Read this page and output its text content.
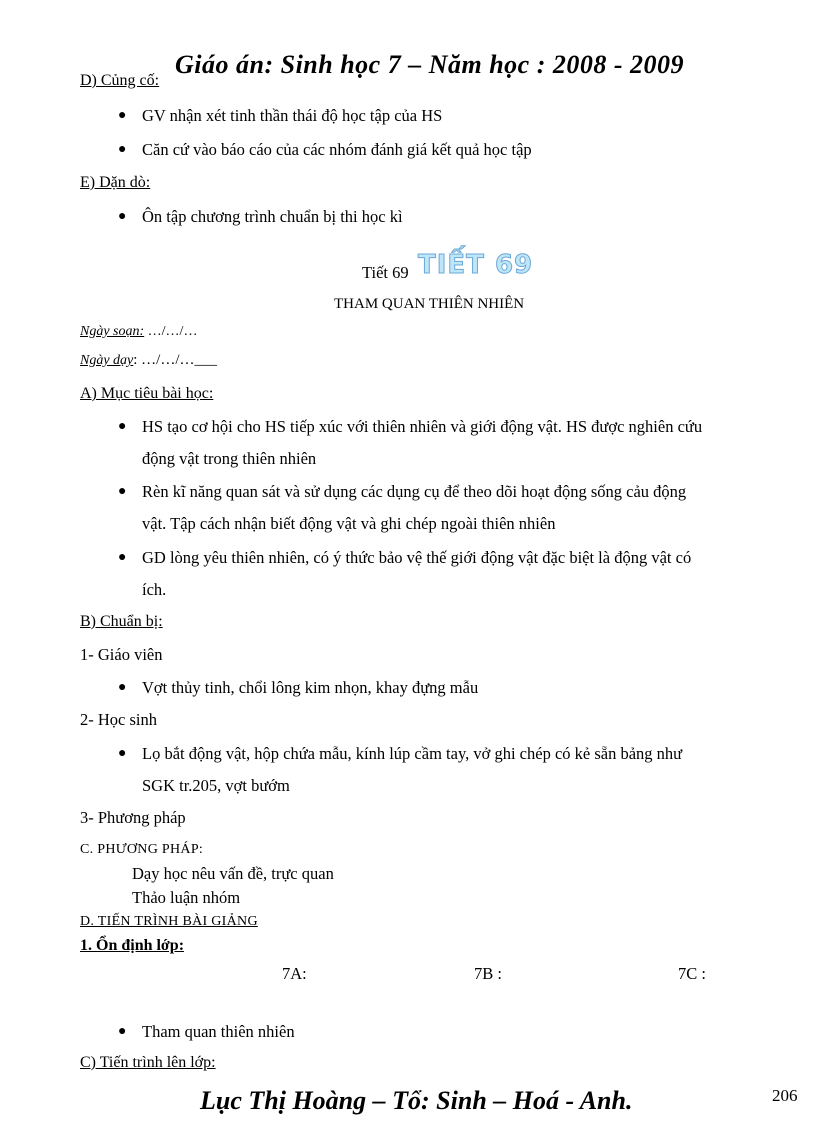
Giáo án: Sinh học 7 – Năm học : 2008 - 2009
D) Củng cố:
● GV nhận xét tinh thần thái độ học tập của HS
● Căn cứ vào báo cáo của các nhóm đánh giá kết quả học tập
E) Dặn dò:
● Ôn tập chương trình chuẩn bị thi học kì
Tiết 69 TIẾT 69
THAM QUAN THIÊN NHIÊN
Ngày soạn: …/…/…
Ngày dạy: …/…/…___
A) Mục tiêu bài học:
● HS tạo cơ hội cho HS tiếp xúc với thiên nhiên và giới động vật. HS được nghiên cứu
động vật trong thiên nhiên
● Rèn kĩ năng quan sát và sử dụng các dụng cụ để theo dõi hoạt động sống cảu động
vật. Tập cách nhận biết động vật và ghi chép ngoài thiên nhiên
● GD lòng yêu thiên nhiên, có ý thức bảo vệ thế giới động vật đặc biệt là động vật có
ích.
B) Chuẩn bị:
1- Giáo viên
● Vợt thủy tinh, chổi lông kim nhọn, khay đựng mẫu
2- Học sinh
● Lọ bắt động vật, hộp chứa mẫu, kính lúp cầm tay, vở ghi chép có kẻ sẵn bảng như
SGK tr.205, vợt bướm
3- Phương pháp
C. PHƯƠNG PHÁP:
Dạy học nêu vấn đề, trực quan
Thảo luận nhóm
D. TIẾN TRÌNH BÀI GIẢNG
1. Ổn định lớp:
7A:	7B :	7C :
● Tham quan thiên nhiên
C) Tiến trình lên lớp:
Lục Thị Hoàng – Tổ: Sinh – Hoá - Anh.	206
